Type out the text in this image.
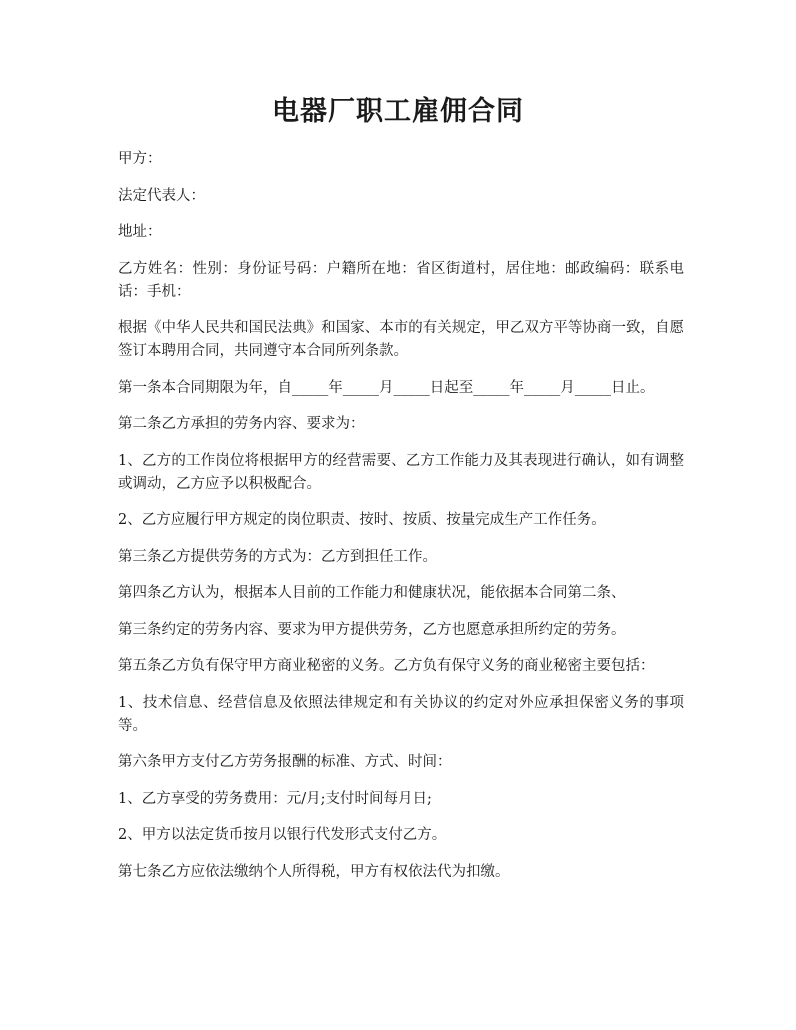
电器厂职工雇佣合同

甲方：

法定代表人：

地址：

乙方姓名：性别：身份证号码：户籍所在地：省区街道村，居住地：邮政编码：联系电话：手机：

根据《中华人民共和国民法典》和国家、本市的有关规定，甲乙双方平等协商一致，自愿签订本聘用合同，共同遵守本合同所列条款。

第一条本合同期限为年，自_____年_____月_____日起至_____年_____月_____日止。

第二条乙方承担的劳务内容、要求为：

1、乙方的工作岗位将根据甲方的经营需要、乙方工作能力及其表现进行确认，如有调整或调动，乙方应予以积极配合。

2、乙方应履行甲方规定的岗位职责、按时、按质、按量完成生产工作任务。

第三条乙方提供劳务的方式为：乙方到担任工作。

第四条乙方认为，根据本人目前的工作能力和健康状况，能依据本合同第二条、

第三条约定的劳务内容、要求为甲方提供劳务，乙方也愿意承担所约定的劳务。

第五条乙方负有保守甲方商业秘密的义务。乙方负有保守义务的商业秘密主要包括：

1、技术信息、经营信息及依照法律规定和有关协议的约定对外应承担保密义务的事项等。

第六条甲方支付乙方劳务报酬的标准、方式、时间：

1、乙方享受的劳务费用：元/月;支付时间每月日;

2、甲方以法定货币按月以银行代发形式支付乙方。

第七条乙方应依法缴纳个人所得税，甲方有权依法代为扣缴。
